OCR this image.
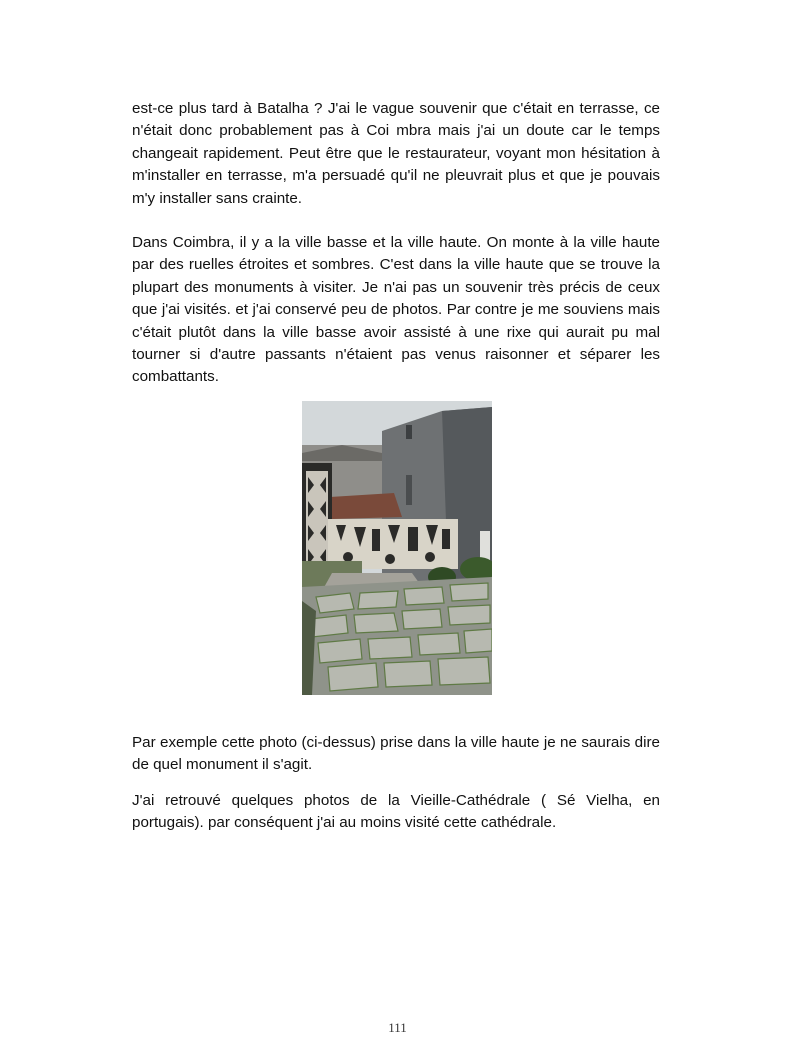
est-ce plus tard à Batalha ? J'ai le vague souvenir que c'était en terrasse, ce n'était donc probablement pas à Coi mbra mais j'ai un doute car le temps changeait rapidement. Peut être que le restaurateur, voyant mon hésitation à m'installer en terrasse, m'a persuadé qu'il ne pleuvrait plus et que je pouvais m'y installer sans crainte.

Dans Coimbra, il y a la ville basse et la ville haute. On monte à la ville haute par des ruelles étroites et sombres. C'est dans la ville haute que se trouve la plupart des monuments à visiter. Je n'ai pas un souvenir très précis de ceux que j'ai visités. et j'ai conservé peu de photos. Par contre je me souviens mais c'était plutôt dans la ville basse avoir assisté à une rixe qui aurait pu mal tourner si d'autre passants n'étaient pas venus raisonner et séparer les combattants.

Par exemple cette photo (ci-dessus) prise dans la ville haute je ne saurais dire de quel monument il s'agit.

J'ai retrouvé quelques photos de la Vieille-Cathédrale ( Sé Vielha, en portugais). par conséquent j'ai au moins visité cette cathédrale.

111
